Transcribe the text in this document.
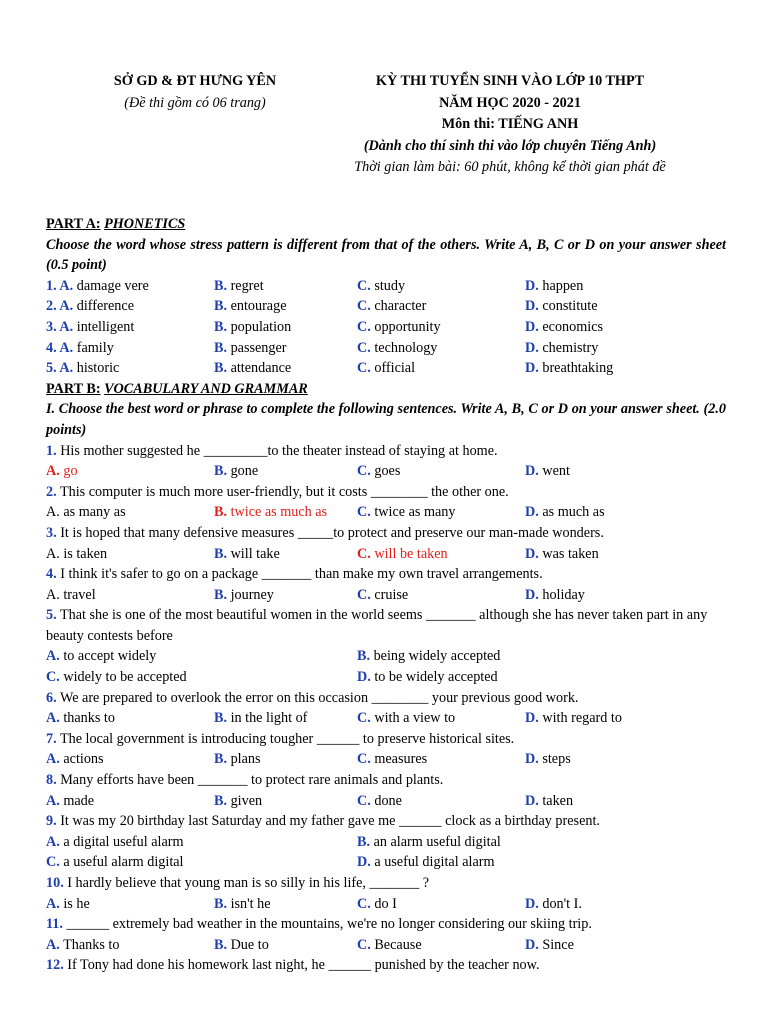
SỞ GD & ĐT HƯNG YÊN
(Đề thi gồm có 06 trang)
KỲ THI TUYỂN SINH VÀO LỚP 10 THPT
NĂM HỌC 2020 - 2021
Môn thi: TIẾNG ANH
(Dành cho thí sinh thi vào lớp chuyên Tiếng Anh)
Thời gian làm bài: 60 phút, không kể thời gian phát đề
PART A: PHONETICS
Choose the word whose stress pattern is different from that of the others. Write A, B, C or D on your answer sheet (0.5 point)
1. A. damage vere	B. regret	C. study	D. happen
2. A. difference	B. entourage	C. character	D. constitute
3. A. intelligent	B. population	C. opportunity	D. economics
4. A. family	B. passenger	C. technology	D. chemistry
5. A. historic	B. attendance	C. official	D. breathtaking
PART B: VOCABULARY AND GRAMMAR
I. Choose the best word or phrase to complete the following sentences. Write A, B, C or D on your answer sheet. (2.0 points)
1. His mother suggested he _________to the theater instead of staying at home.
A. go	B. gone	C. goes	D. went
2. This computer is much more user-friendly, but it costs ________ the other one.
A. as many as	B. twice as much as C. twice as many	D. as much as
3. It is hoped that many defensive measures _____to protect and preserve our man-made wonders.
A. is taken	B. will take	C. will be taken	D. was taken
4. I think it's safer to go on a package _______ than make my own travel arrangements.
A. travel	B. journey	C. cruise	D. holiday
5. That she is one of the most beautiful women in the world seems _______ although she has never taken part in any beauty contests before
A. to accept widely	B. being widely accepted
C. widely to be accepted	D. to be widely accepted
6. We are prepared to overlook the error on this occasion ________ your previous good work.
A. thanks to	B. in the light of	C. with a view to	D. with regard to
7. The local government is introducing tougher ______ to preserve historical sites.
A. actions	B. plans	C. measures	D. steps
8. Many efforts have been _______ to protect rare animals and plants.
A. made	B. given	C. done	D. taken
9. It was my 20 birthday last Saturday and my father gave me ______ clock as a birthday present.
A. a digital useful alarm	B. an alarm useful digital
C. a useful alarm digital	D. a useful digital alarm
10. I hardly believe that young man is so silly in his life, _______ ?
A. is he	B. isn't he	C. do I	D. don't I.
11. ______ extremely bad weather in the mountains, we're no longer considering our skiing trip.
A. Thanks to	B. Due to	C. Because	D. Since
12. If Tony had done his homework last night, he ______ punished by the teacher now.
